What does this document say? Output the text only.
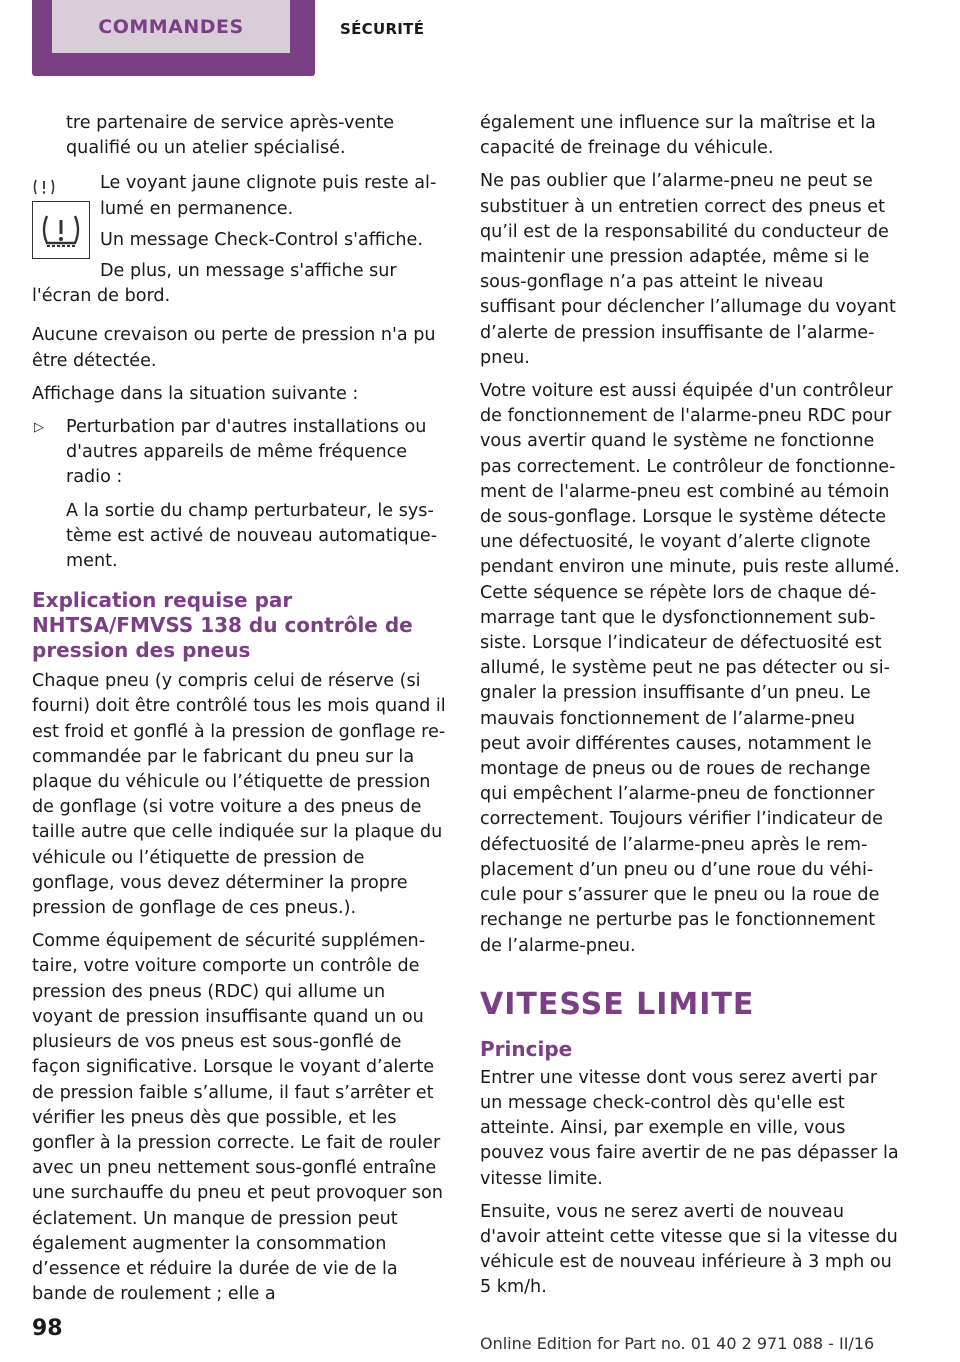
COMMANDES	SÉCURITÉ

tre partenaire de service après-vente qualifié ou un atelier spécialisé.

Le voyant jaune clignote puis reste allumé en permanence.

Un message Check-Control s'affiche.

De plus, un message s'affiche sur l'écran de bord.

Aucune crevaison ou perte de pression n'a pu être détectée.

Affichage dans la situation suivante :

▷ Perturbation par d'autres installations ou d'autres appareils de même fréquence radio :

A la sortie du champ perturbateur, le système est activé de nouveau automatiquement.

Explication requise par NHTSA/FMVSS 138 du contrôle de pression des pneus

Chaque pneu (y compris celui de réserve (si fourni) doit être contrôlé tous les mois quand il est froid et gonflé à la pression de gonflage recommandée par le fabricant du pneu sur la plaque du véhicule ou l’étiquette de pression de gonflage (si votre voiture a des pneus de taille autre que celle indiquée sur la plaque du véhicule ou l’étiquette de pression de gonflage, vous devez déterminer la propre pression de gonflage de ces pneus.).

Comme équipement de sécurité supplémentaire, votre voiture comporte un contrôle de pression des pneus (RDC) qui allume un voyant de pression insuffisante quand un ou plusieurs de vos pneus est sous-gonflé de façon significative. Lorsque le voyant d’alerte de pression faible s’allume, il faut s’arrêter et vérifier les pneus dès que possible, et les gonfler à la pression correcte. Le fait de rouler avec un pneu nettement sous-gonflé entraîne une surchauffe du pneu et peut provoquer son éclatement. Un manque de pression peut également augmenter la consommation d’essence et réduire la durée de vie de la bande de roulement ; elle a

également une influence sur la maîtrise et la capacité de freinage du véhicule.

Ne pas oublier que l’alarme-pneu ne peut se substituer à un entretien correct des pneus et qu’il est de la responsabilité du conducteur de maintenir une pression adaptée, même si le sous-gonflage n’a pas atteint le niveau suffisant pour déclencher l’allumage du voyant d’alerte de pression insuffisante de l’alarme-pneu.

Votre voiture est aussi équipée d'un contrôleur de fonctionnement de l'alarme-pneu RDC pour vous avertir quand le système ne fonctionne pas correctement. Le contrôleur de fonctionnement de l'alarme-pneu est combiné au témoin de sous-gonflage. Lorsque le système détecte une défectuosité, le voyant d’alerte clignote pendant environ une minute, puis reste allumé. Cette séquence se répète lors de chaque démarrage tant que le dysfonctionnement subsiste. Lorsque l’indicateur de défectuosité est allumé, le système peut ne pas détecter ou signaler la pression insuffisante d’un pneu. Le mauvais fonctionnement de l’alarme-pneu peut avoir différentes causes, notamment le montage de pneus ou de roues de rechange qui empêchent l’alarme-pneu de fonctionner correctement. Toujours vérifier l’indicateur de défectuosité de l’alarme-pneu après le remplacement d’un pneu ou d’une roue du véhicule pour s’assurer que le pneu ou la roue de rechange ne perturbe pas le fonctionnement de l’alarme-pneu.

VITESSE LIMITE
Principe

Entrer une vitesse dont vous serez averti par un message check-control dès qu'elle est atteinte. Ainsi, par exemple en ville, vous pouvez vous faire avertir de ne pas dépasser la vitesse limite.

Ensuite, vous ne serez averti de nouveau d'avoir atteint cette vitesse que si la vitesse du véhicule est de nouveau inférieure à 3 mph ou 5 km/h.

98
Online Edition for Part no. 01 40 2 971 088 - II/16
